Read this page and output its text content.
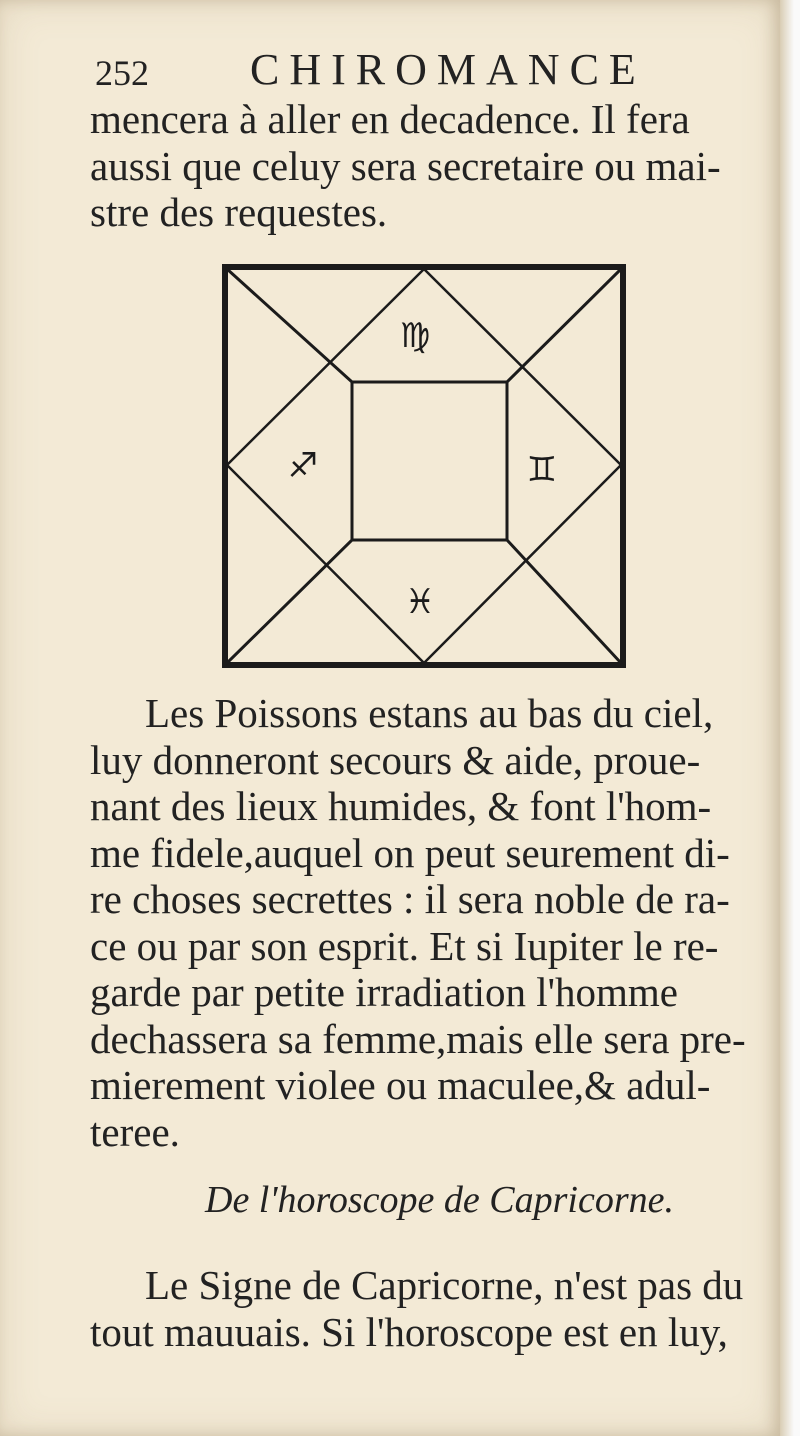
252 CHIROMANCE
mencera à aller en decadence. Il fera
aussi que celuy sera secretaire ou mai-
stre des requestes.
♍
♐	♊
♓
Les Poissons estans au bas du ciel,
luy donneront secours & aide, proue-
nant des lieux humides, & font l'hom-
me fidele,auquel on peut seurement di-
re choses secrettes : il sera noble de ra-
ce ou par son esprit. Et si Iupiter le re-
garde par petite irradiation l'homme
dechassera sa femme,mais elle sera pre-
mierement violee ou maculee,& adul-
teree.
De l'horoscope de Capricorne.
Le Signe de Capricorne, n'est pas du
tout mauuais. Si l'horoscope est en luy,
